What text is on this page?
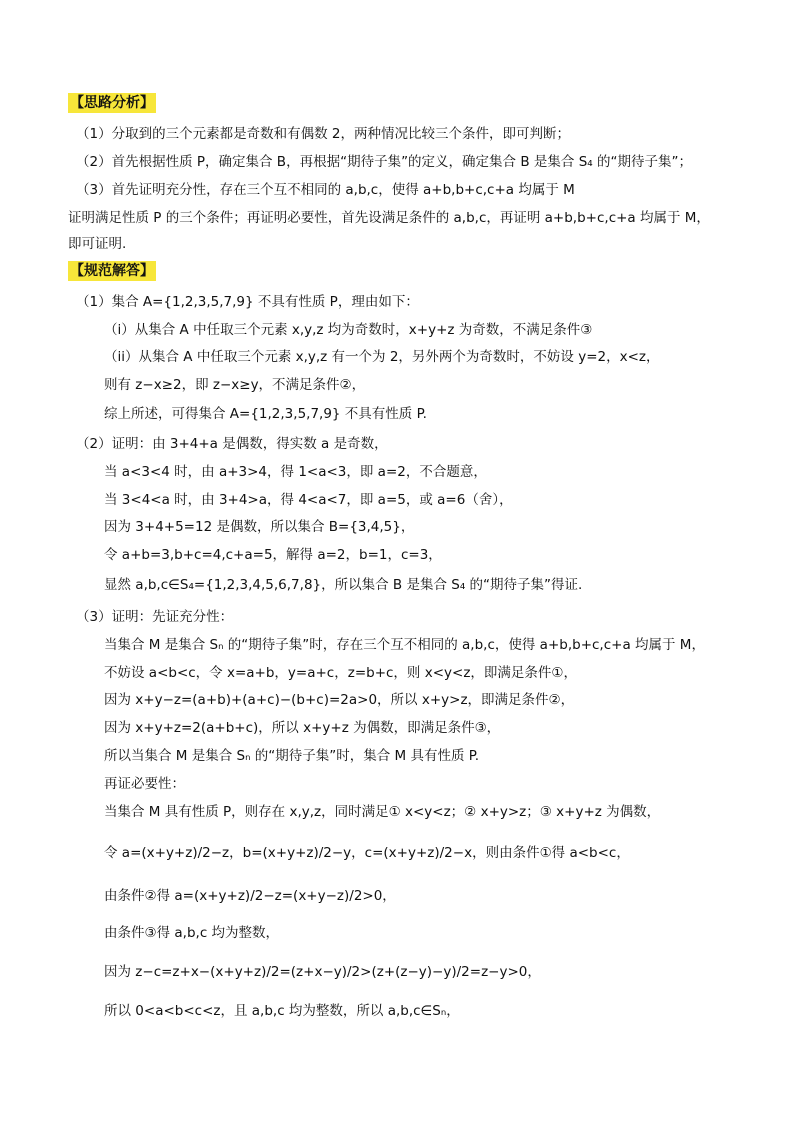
【思路分析】
（1）分取到的三个元素都是奇数和有偶数 2，两种情况比较三个条件，即可判断；
（2）首先根据性质 P，确定集合 B，再根据“期待子集”的定义，确定集合 B 是集合 S₄ 的“期待子集”；
（3）首先证明充分性，存在三个互不相同的 a,b,c，使得 a+b,b+c,c+a 均属于 M
证明满足性质 P 的三个条件；再证明必要性，首先设满足条件的 a,b,c，再证明 a+b,b+c,c+a 均属于 M，
即可证明.
【规范解答】
（1）集合 A={1,2,3,5,7,9} 不具有性质 P，理由如下：
（i）从集合 A 中任取三个元素 x,y,z 均为奇数时，x+y+z 为奇数，不满足条件③
（ii）从集合 A 中任取三个元素 x,y,z 有一个为 2，另外两个为奇数时，不妨设 y=2，x<z，
则有 z−x≥2，即 z−x≥y，不满足条件②，
综上所述，可得集合 A={1,2,3,5,7,9} 不具有性质 P.
（2）证明：由 3+4+a 是偶数，得实数 a 是奇数，
当 a<3<4 时，由 a+3>4，得 1<a<3，即 a=2，不合题意，
当 3<4<a 时，由 3+4>a，得 4<a<7，即 a=5，或 a=6（舍），
因为 3+4+5=12 是偶数，所以集合 B={3,4,5}，
令 a+b=3,b+c=4,c+a=5，解得 a=2，b=1，c=3，
显然 a,b,c∈S₄={1,2,3,4,5,6,7,8}，所以集合 B 是集合 S₄ 的“期待子集”得证.
（3）证明：先证充分性：
当集合 M 是集合 Sₙ 的“期待子集”时，存在三个互不相同的 a,b,c，使得 a+b,b+c,c+a 均属于 M，
不妨设 a<b<c，令 x=a+b，y=a+c，z=b+c，则 x<y<z，即满足条件①，
因为 x+y−z=(a+b)+(a+c)−(b+c)=2a>0，所以 x+y>z，即满足条件②，
因为 x+y+z=2(a+b+c)，所以 x+y+z 为偶数，即满足条件③，
所以当集合 M 是集合 Sₙ 的“期待子集”时，集合 M 具有性质 P.
再证必要性：
当集合 M 具有性质 P，则存在 x,y,z，同时满足① x<y<z；② x+y>z；③ x+y+z 为偶数，
令 a=(x+y+z)/2−z，b=(x+y+z)/2−y，c=(x+y+z)/2−x，则由条件①得 a<b<c，
由条件②得 a=(x+y+z)/2−z=(x+y−z)/2>0，
由条件③得 a,b,c 均为整数，
因为 z−c=z+x−(x+y+z)/2=(z+x−y)/2>(z+(z−y)−y)/2=z−y>0，
所以 0<a<b<c<z，且 a,b,c 均为整数，所以 a,b,c∈Sₙ，
